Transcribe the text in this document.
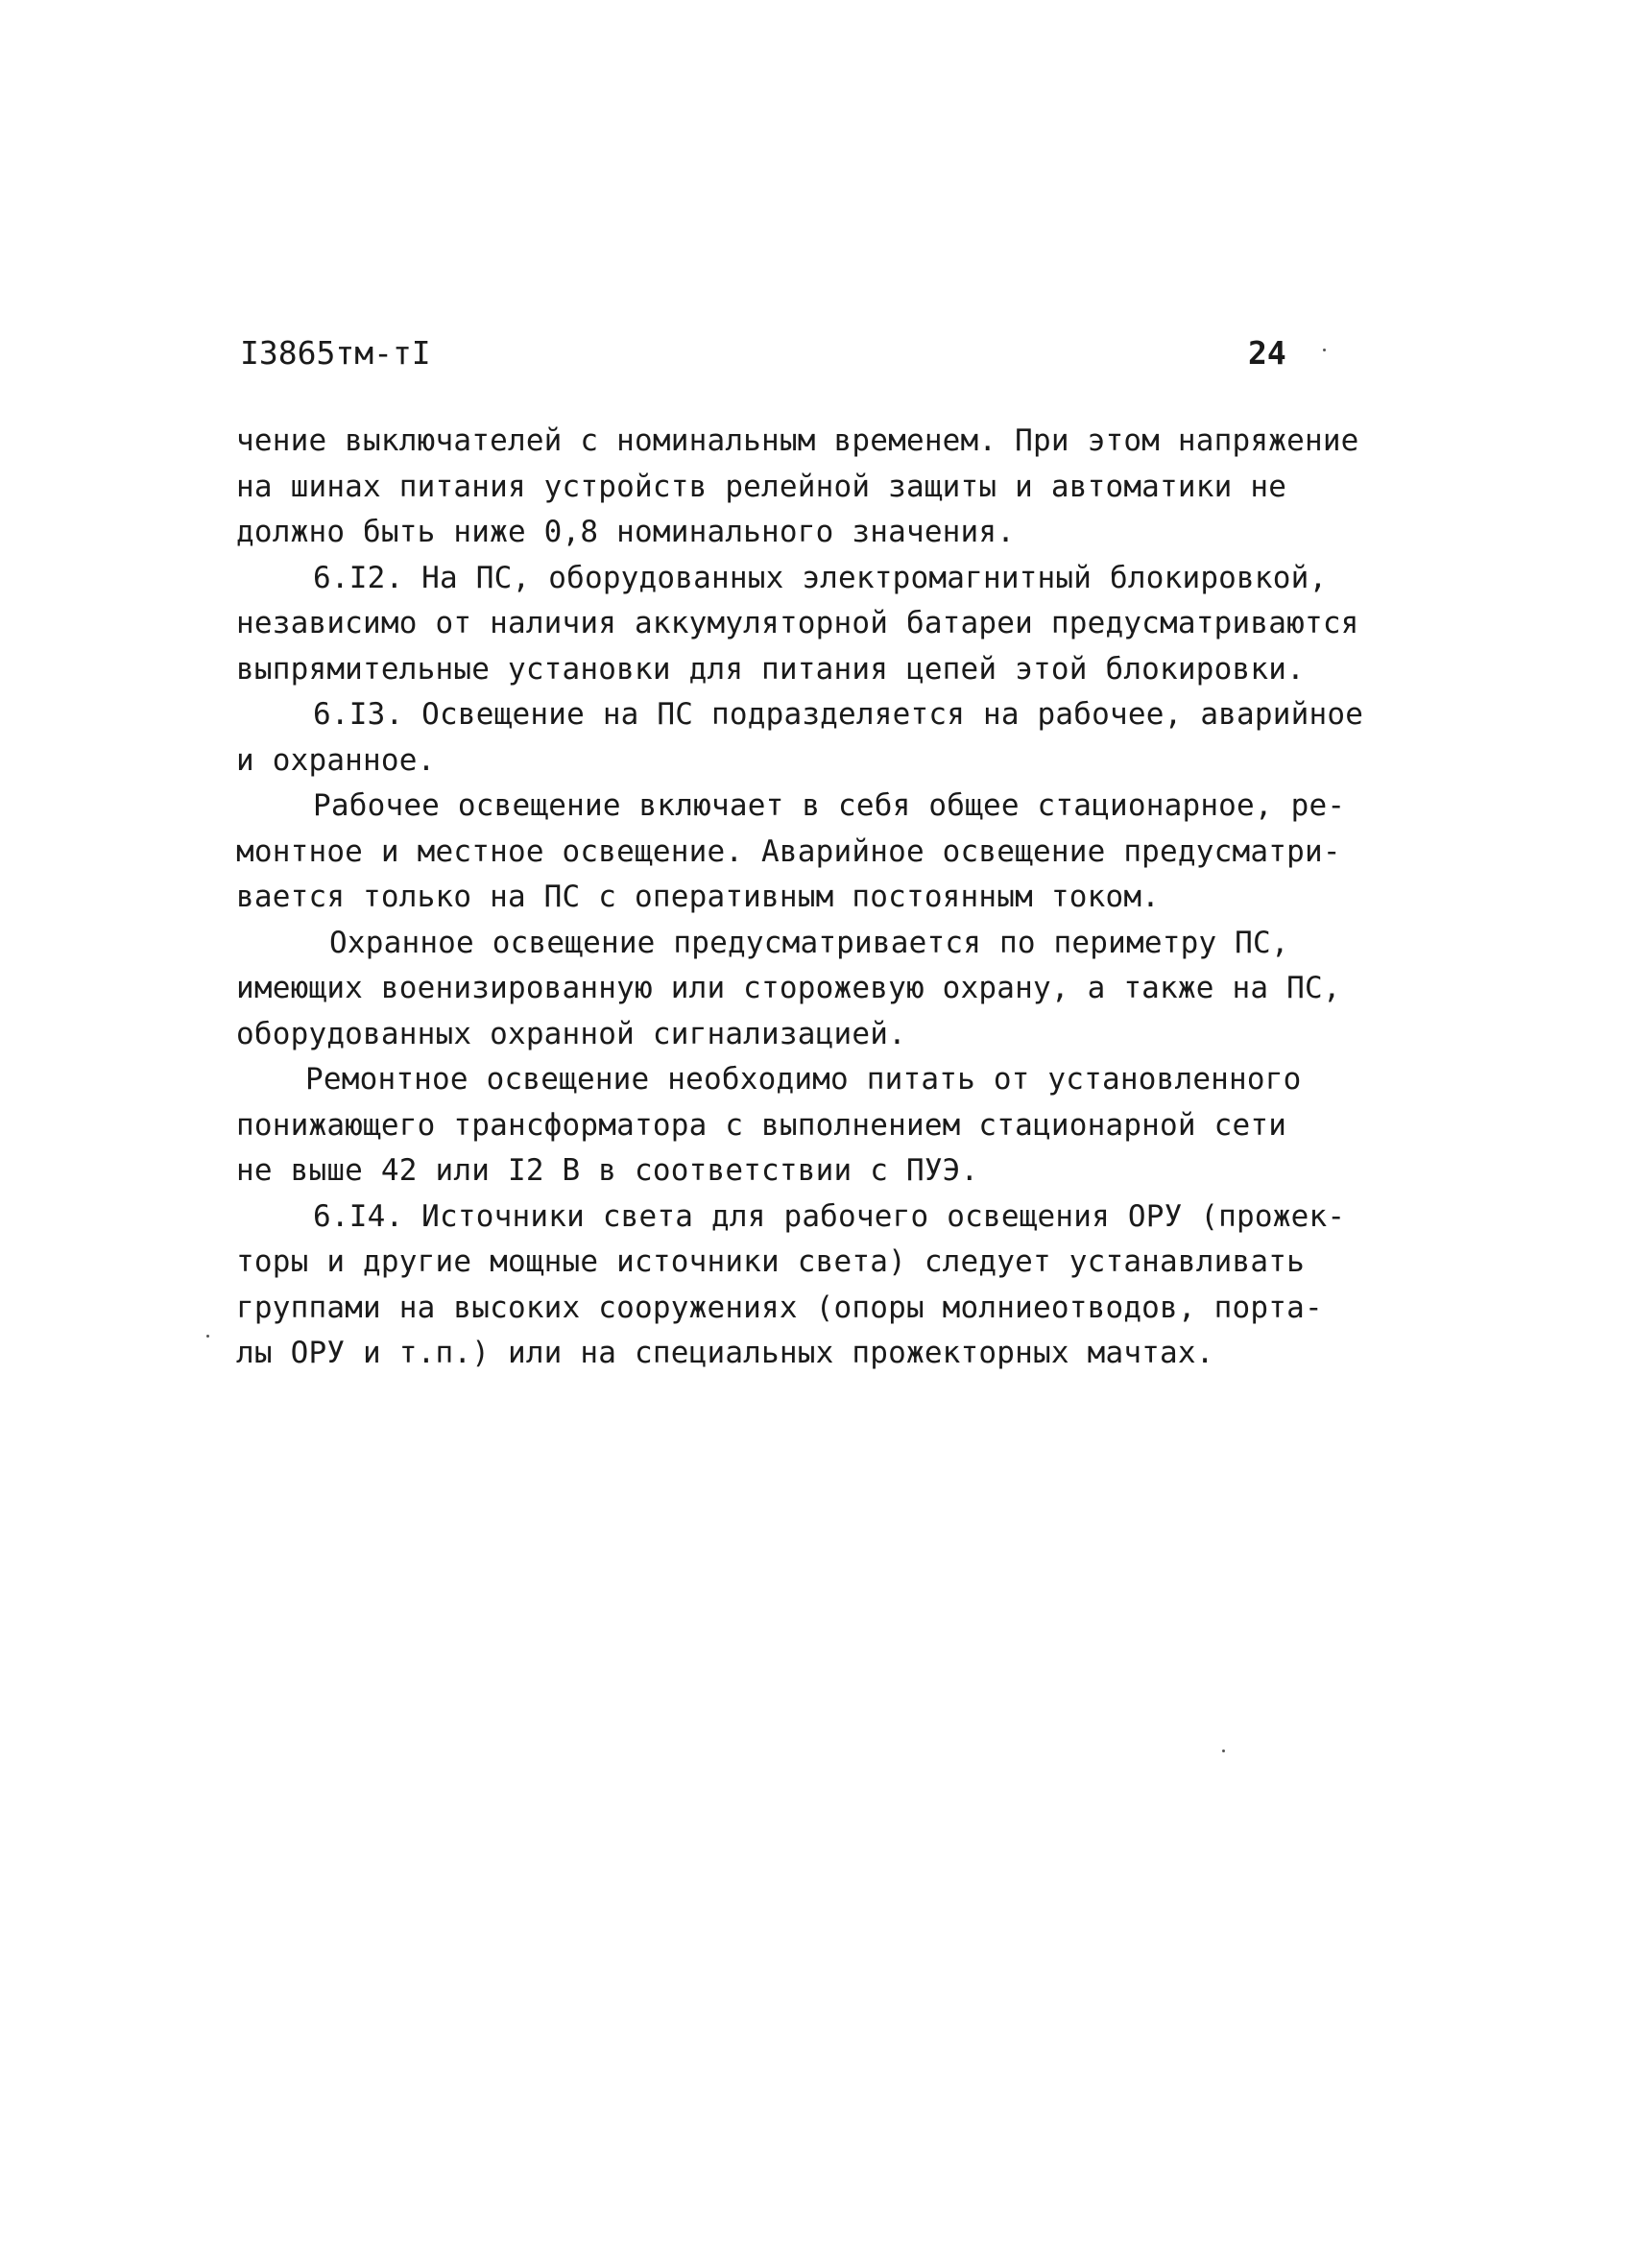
I3865тм-тI	24
чение выключателей с номинальным временем. При этом напряжение
на шинах питания устройств релейной защиты и автоматики не
должно быть ниже 0,8 номинального значения.
6.I2. На ПС, оборудованных электромагнитный блокировкой,
независимо от наличия аккумуляторной батареи предусматриваются
выпрямительные установки для питания цепей этой блокировки.
6.I3. Освещение на ПС подразделяется на рабочее, аварийное
и охранное.
Рабочее освещение включает в себя общее стационарное, ре-
монтное и местное освещение. Аварийное освещение предусматри-
вается только на ПС с оперативным постоянным током.
Охранное освещение предусматривается по периметру ПС,
имеющих военизированную или сторожевую охрану, а также на ПС,
оборудованных охранной сигнализацией.
Ремонтное освещение необходимо питать от установленного
понижающего трансформатора с выполнением стационарной сети
не выше 42 или I2 В в соответствии с ПУЭ.
6.I4. Источники света для рабочего освещения ОРУ (прожек-
торы и другие мощные источники света) следует устанавливать
группами на высоких сооружениях (опоры молниеотводов, порта-
лы ОРУ и т.п.) или на специальных прожекторных мачтах.
